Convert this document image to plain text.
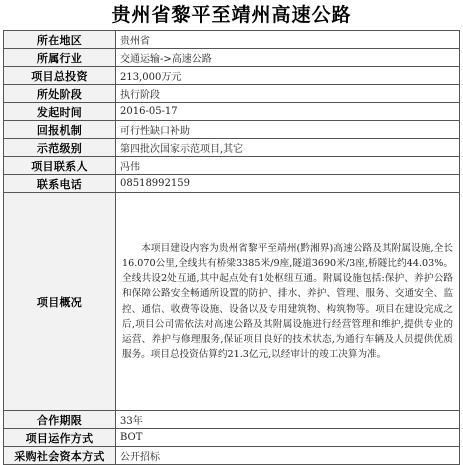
贵州省黎平至靖州高速公路
所在地区	贵州省
所属行业	交通运输->高速公路
项目总投资	213,000万元
所处阶段	执行阶段
发起时间	2016-05-17
回报机制	可行性缺口补助
示范级别	第四批次国家示范项目,其它
项目联系人	冯伟
联系电话	08518992159
项目概况	本项目建设内容为贵州省黎平至靖州(黔湘界)高速公路及其附属设施,全长16.070公里,全线共有桥梁3385米/9座,隧道3690米/3座,桥隧比约44.03%。全线共设2处互通,其中起点处有1处枢纽互通。附属设施包括:保护、养护公路和保障公路安全畅通所设置的防护、排水、养护、管理、服务、交通安全、监控、通信、收费等设施、设备以及专用建筑物、构筑物等。项目在建设完成之后,项目公司需依法对高速公路及其附属设施进行经营管理和维护,提供专业的运营、养护与修理服务,保证项目良好的技术状态,为通行车辆及人员提供优质服务。项目总投资估算约21.3亿元,以经审计的竣工决算为准。
合作期限	33年
项目运作方式	BOT
采购社会资本方式	公开招标
